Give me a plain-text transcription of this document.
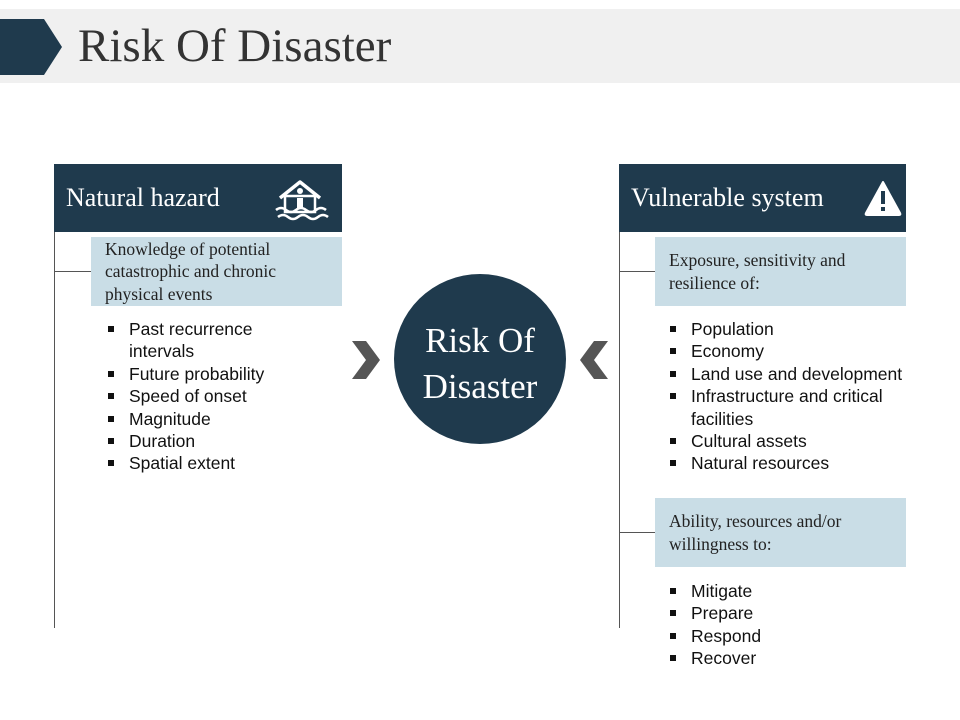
Risk Of Disaster
Natural hazard
Knowledge of potential catastrophic and chronic physical events
Past recurrence intervals
Future probability
Speed of onset
Magnitude
Duration
Spatial extent
Risk Of
Disaster
Vulnerable system
Exposure, sensitivity and resilience of:
Population
Economy
Land use and development
Infrastructure and critical facilities
Cultural assets
Natural resources
Ability, resources and/or willingness to:
Mitigate
Prepare
Respond
Recover
